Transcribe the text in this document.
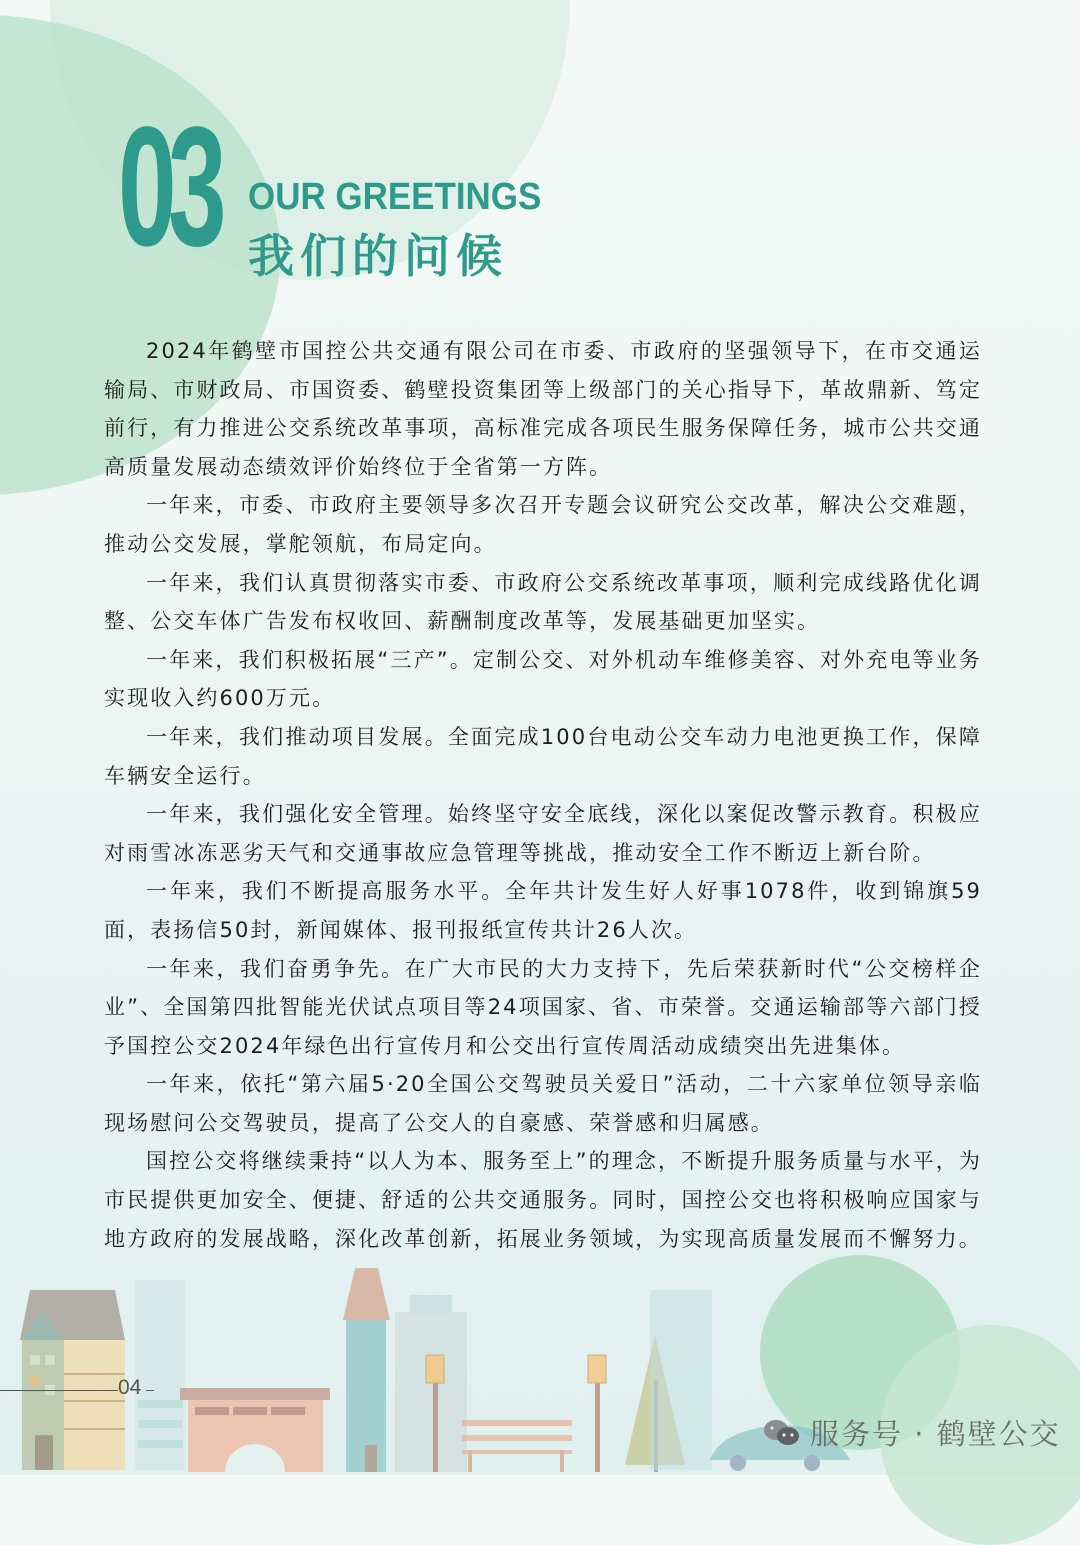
03 OUR GREETINGS
我们的问候

2024年鹤壁市国控公共交通有限公司在市委、市政府的坚强领导下，在市交通运输局、市财政局、市国资委、鹤壁投资集团等上级部门的关心指导下，革故鼎新、笃定前行，有力推进公交系统改革事项，高标准完成各项民生服务保障任务，城市公共交通高质量发展动态绩效评价始终位于全省第一方阵。

一年来，市委、市政府主要领导多次召开专题会议研究公交改革，解决公交难题，推动公交发展，掌舵领航，布局定向。

一年来，我们认真贯彻落实市委、市政府公交系统改革事项，顺利完成线路优化调整、公交车体广告发布权收回、薪酬制度改革等，发展基础更加坚实。

一年来，我们积极拓展“三产”。定制公交、对外机动车维修美容、对外充电等业务实现收入约600万元。

一年来，我们推动项目发展。全面完成100台电动公交车动力电池更换工作，保障车辆安全运行。

一年来，我们强化安全管理。始终坚守安全底线，深化以案促改警示教育。积极应对雨雪冰冻恶劣天气和交通事故应急管理等挑战，推动安全工作不断迈上新台阶。

一年来，我们不断提高服务水平。全年共计发生好人好事1078件，收到锦旗59面，表扬信50封，新闻媒体、报刊报纸宣传共计26人次。

一年来，我们奋勇争先。在广大市民的大力支持下，先后荣获新时代“公交榜样企业”、全国第四批智能光伏试点项目等24项国家、省、市荣誉。交通运输部等六部门授予国控公交2024年绿色出行宣传月和公交出行宣传周活动成绩突出先进集体。

一年来，依托“第六届5·20全国公交驾驶员关爱日”活动，二十六家单位领导亲临现场慰问公交驾驶员，提高了公交人的自豪感、荣誉感和归属感。

国控公交将继续秉持“以人为本、服务至上”的理念，不断提升服务质量与水平，为市民提供更加安全、便捷、舒适的公共交通服务。同时，国控公交也将积极响应国家与地方政府的发展战略，深化改革创新，拓展业务领域，为实现高质量发展而不懈努力。

04
服务号 · 鹤壁公交
